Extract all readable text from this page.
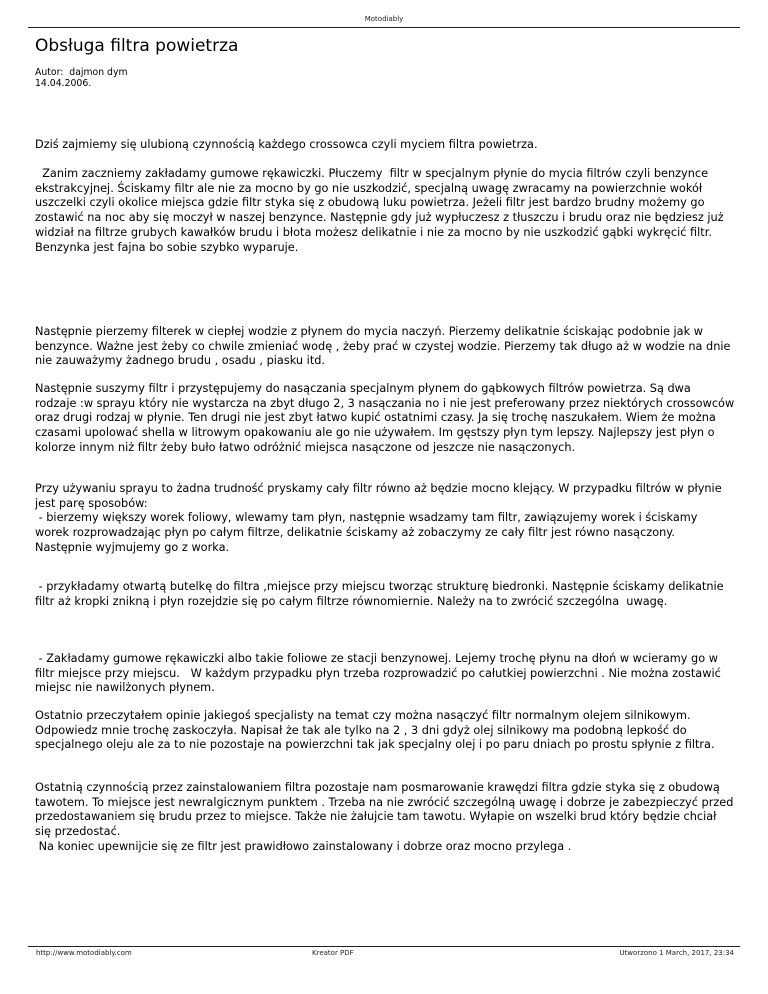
Motodiably
Obsługa filtra powietrza
Autor:  dajmon dym
14.04.2006.

Dziś zajmiemy się ulubioną czynnością każdego crossowca czyli myciem filtra powietrza.

Zanim zaczniemy zakładamy gumowe rękawiczki. Płuczemy  filtr w specjalnym płynie do mycia filtrów czyli benzynce ekstrakcyjnej. Ściskamy filtr ale nie za mocno by go nie uszkodzić, specjalną uwagę zwracamy na powierzchnie wokół uszczelki czyli okolice miejsca gdzie filtr styka się z obudową luku powietrza. Jeżeli filtr jest bardzo brudny możemy go zostawić na noc aby się moczył w naszej benzynce. Następnie gdy już wypłuczesz z tłuszczu i brudu oraz nie będziesz już widział na filtrze grubych kawałków brudu i błota możesz delikatnie i nie za mocno by nie uszkodzić gąbki wykręcić filtr. Benzynka jest fajna bo sobie szybko wyparuje.

Następnie pierzemy filterek w ciepłej wodzie z płynem do mycia naczyń. Pierzemy delikatnie ściskając podobnie jak w benzynce. Ważne jest żeby co chwile zmieniać wodę , żeby prać w czystej wodzie. Pierzemy tak długo aż w wodzie na dnie nie zauważymy żadnego brudu , osadu , piasku itd.

Następnie suszymy filtr i przystępujemy do nasączania specjalnym płynem do gąbkowych filtrów powietrza. Są dwa rodzaje :w sprayu który nie wystarcza na zbyt długo 2, 3 nasączania no i nie jest preferowany przez niektórych crossowców oraz drugi rodzaj w płynie. Ten drugi nie jest zbyt łatwo kupić ostatnimi czasy. Ja się trochę naszukałem. Wiem że można czasami upolować shella w litrowym opakowaniu ale go nie używałem. Im gęstszy płyn tym lepszy. Najlepszy jest płyn o kolorze innym niż filtr żeby buło łatwo odróżnić miejsca nasączone od jeszcze nie nasączonych.

Przy używaniu sprayu to żadna trudność pryskamy cały filtr równo aż będzie mocno klejący. W przypadku filtrów w płynie jest parę sposobów:
- bierzemy większy worek foliowy, wlewamy tam płyn, następnie wsadzamy tam filtr, zawiązujemy worek i ściskamy worek rozprowadzając płyn po całym filtrze, delikatnie ściskamy aż zobaczymy ze cały filtr jest równo nasączony. Następnie wyjmujemy go z worka.

- przykładamy otwartą butelkę do filtra ,miejsce przy miejscu tworząc strukturę biedronki. Następnie ściskamy delikatnie filtr aż kropki znikną i płyn rozejdzie się po całym filtrze równomiernie. Należy na to zwrócić szczególna  uwagę.

- Zakładamy gumowe rękawiczki albo takie foliowe ze stacji benzynowej. Lejemy trochę płynu na dłoń w wcieramy go w filtr miejsce przy miejscu.   W każdym przypadku płyn trzeba rozprowadzić po całutkiej powierzchni . Nie można zostawić miejsc nie nawilżonych płynem.

Ostatnio przeczytałem opinie jakiegoś specjalisty na temat czy można nasączyć filtr normalnym olejem silnikowym. Odpowiedz mnie trochę zaskoczyła. Napisał że tak ale tylko na 2 , 3 dni gdyż olej silnikowy ma podobną lepkość do specjalnego oleju ale za to nie pozostaje na powierzchni tak jak specjalny olej i po paru dniach po prostu spłynie z filtra.

Ostatnią czynnością przez zainstalowaniem filtra pozostaje nam posmarowanie krawędzi filtra gdzie styka się z obudową  tawotem. To miejsce jest newralgicznym punktem . Trzeba na nie zwrócić szczególną uwagę i dobrze je zabezpieczyć przed przedostawaniem się brudu przez to miejsce. Także nie żałujcie tam tawotu. Wyłapie on wszelki brud który będzie chciał się przedostać.
Na koniec upewnijcie się ze filtr jest prawidłowo zainstalowany i dobrze oraz mocno przylega .

http://www.motodiably.com	Kreator PDF	Utworzono 1 March, 2017, 23:34
